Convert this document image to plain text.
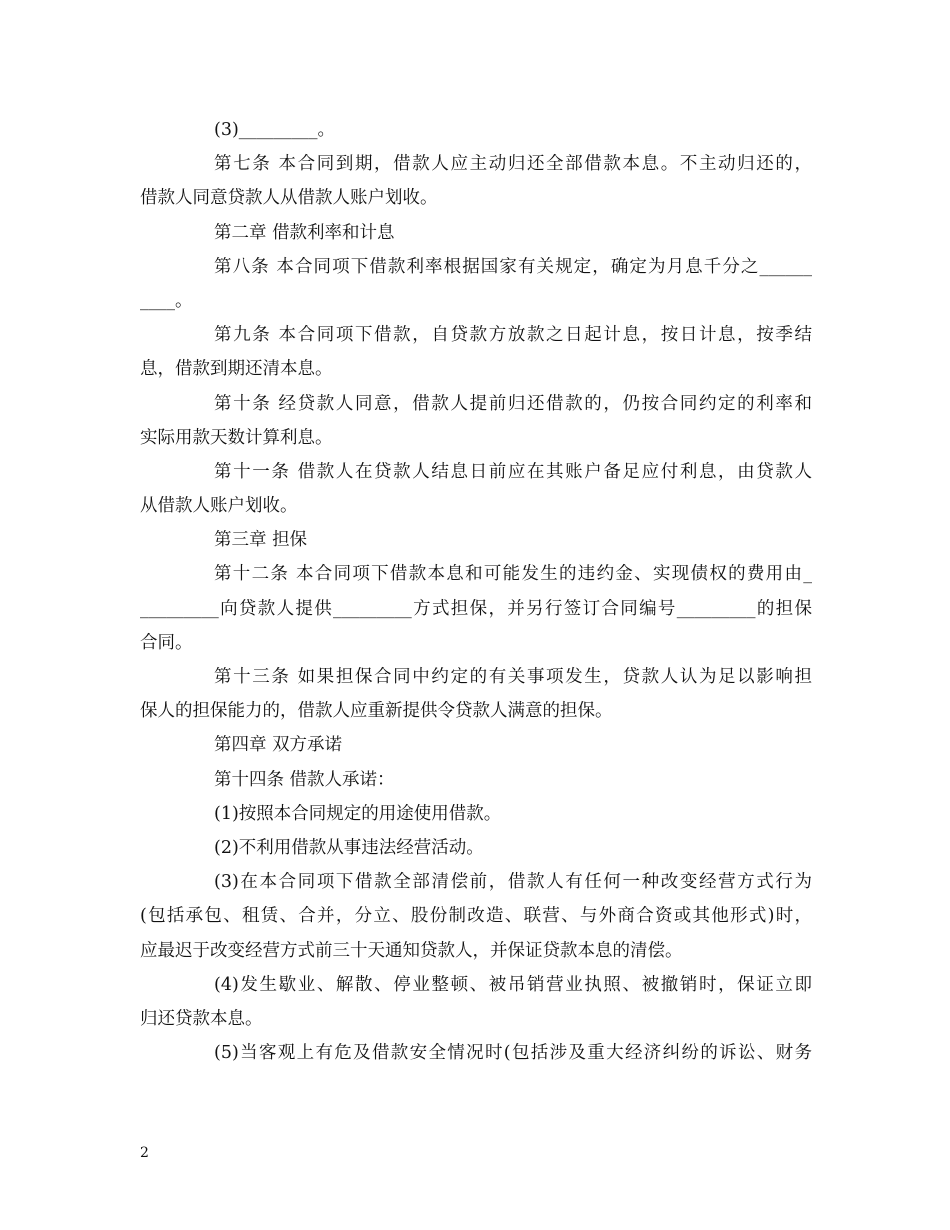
(3)_________。
第七条 本合同到期，借款人应主动归还全部借款本息。不主动归还的，
借款人同意贷款人从借款人账户划收。
第二章 借款利率和计息
第八条 本合同项下借款利率根据国家有关规定，确定为月息千分之______
____。
第九条 本合同项下借款，自贷款方放款之日起计息，按日计息，按季结
息，借款到期还清本息。
第十条 经贷款人同意，借款人提前归还借款的，仍按合同约定的利率和
实际用款天数计算利息。
第十一条 借款人在贷款人结息日前应在其账户备足应付利息，由贷款人
从借款人账户划收。
第三章 担保
第十二条 本合同项下借款本息和可能发生的违约金、实现债权的费用由_
_________向贷款人提供_________方式担保，并另行签订合同编号_________的担保
合同。
第十三条 如果担保合同中约定的有关事项发生，贷款人认为足以影响担
保人的担保能力的，借款人应重新提供令贷款人满意的担保。
第四章 双方承诺
第十四条 借款人承诺：
(1)按照本合同规定的用途使用借款。
(2)不利用借款从事违法经营活动。
(3)在本合同项下借款全部清偿前，借款人有任何一种改变经营方式行为
(包括承包、租赁、合并，分立、股份制改造、联营、与外商合资或其他形式)时，
应最迟于改变经营方式前三十天通知贷款人，并保证贷款本息的清偿。
(4)发生歇业、解散、停业整顿、被吊销营业执照、被撤销时，保证立即
归还贷款本息。
(5)当客观上有危及借款安全情况时(包括涉及重大经济纠纷的诉讼、财务
2
